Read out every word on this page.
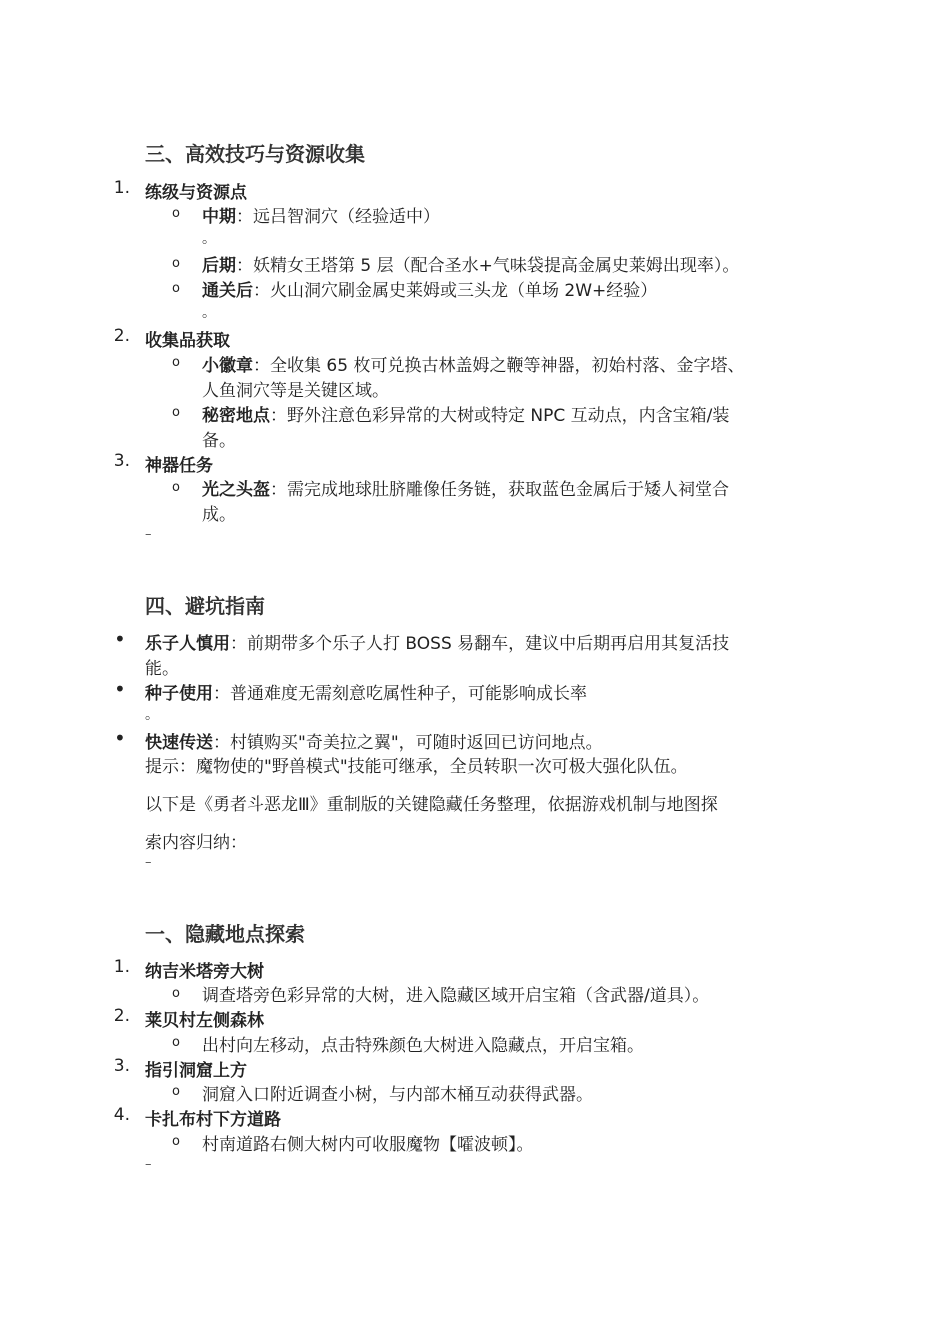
三、高效技巧与资源收集
1. 练级与资源点
o 中期：远吕智洞穴（经验适中）
。
o 后期：妖精女王塔第 5 层（配合圣水+气味袋提高金属史莱姆出现率）。
o 通关后：火山洞穴刷金属史莱姆或三头龙（单场 2W+经验）
。
2. 收集品获取
o 小徽章：全收集 65 枚可兑换古林盖姆之鞭等神器，初始村落、金字塔、
人鱼洞穴等是关键区域。
o 秘密地点：野外注意色彩异常的大树或特定 NPC 互动点，内含宝箱/装
备。
3. 神器任务
o 光之头盔：需完成地球肚脐雕像任务链，获取蓝色金属后于矮人祠堂合
成。
–
四、避坑指南
• 乐子人慎用：前期带多个乐子人打 BOSS 易翻车，建议中后期再启用其复活技
能。
• 种子使用：普通难度无需刻意吃属性种子，可能影响成长率
。
• 快速传送：村镇购买"奇美拉之翼"，可随时返回已访问地点。
提示：魔物使的"野兽模式"技能可继承，全员转职一次可极大强化队伍。
以下是《勇者斗恶龙Ⅲ》重制版的关键隐藏任务整理，依据游戏机制与地图探
索内容归纳：
–
一、隐藏地点探索
1. 纳吉米塔旁大树
o 调查塔旁色彩异常的大树，进入隐藏区域开启宝箱（含武器/道具）。
2. 莱贝村左侧森林
o 出村向左移动，点击特殊颜色大树进入隐藏点，开启宝箱。
3. 指引洞窟上方
o 洞窟入口附近调查小树，与内部木桶互动获得武器。
4. 卡扎布村下方道路
o 村南道路右侧大树内可收服魔物【嚯波顿】。
–
